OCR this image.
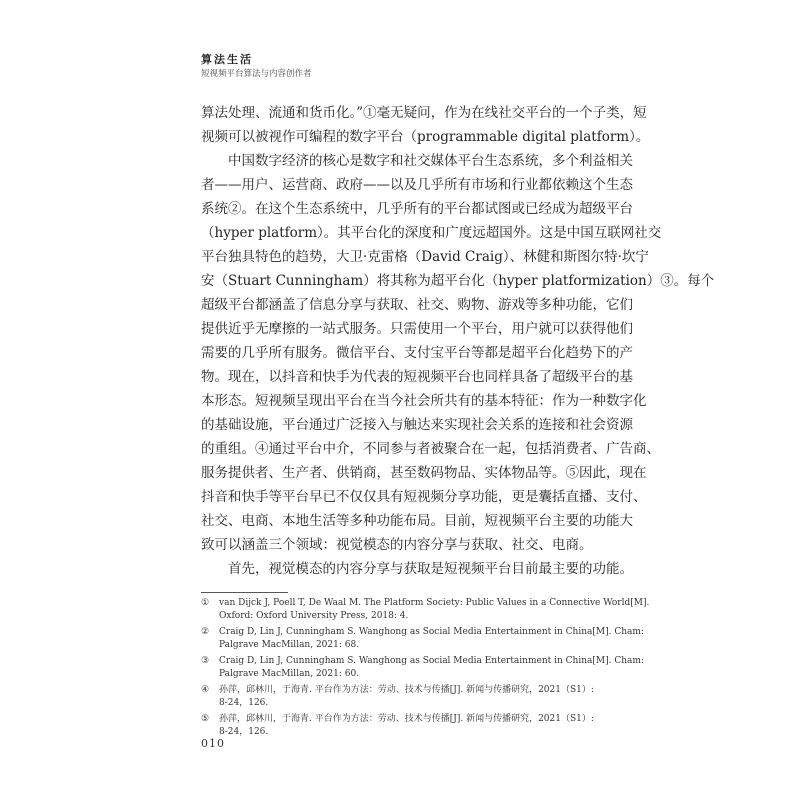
算法生活
短视频平台算法与内容创作者
算法处理、流通和货币化。”①毫无疑问，作为在线社交平台的一个子类，短
视频可以被视作可编程的数字平台（programmable digital platform）。
中国数字经济的核心是数字和社交媒体平台生态系统，多个利益相关
者——用户、运营商、政府——以及几乎所有市场和行业都依赖这个生态
系统②。在这个生态系统中，几乎所有的平台都试图或已经成为超级平台
（hyper platform）。其平台化的深度和广度远超国外。这是中国互联网社交
平台独具特色的趋势，大卫·克雷格（David Craig）、林健和斯图尔特·坎宁
安（Stuart Cunningham）将其称为超平台化（hyper platformization）③。每个
超级平台都涵盖了信息分享与获取、社交、购物、游戏等多种功能，它们
提供近乎无摩擦的一站式服务。只需使用一个平台，用户就可以获得他们
需要的几乎所有服务。微信平台、支付宝平台等都是超平台化趋势下的产
物。现在，以抖音和快手为代表的短视频平台也同样具备了超级平台的基
本形态。短视频呈现出平台在当今社会所共有的基本特征：作为一种数字化
的基础设施，平台通过广泛接入与触达来实现社会关系的连接和社会资源
的重组。④通过平台中介，不同参与者被聚合在一起，包括消费者、广告商、
服务提供者、生产者、供销商，甚至数码物品、实体物品等。⑤因此，现在
抖音和快手等平台早已不仅仅具有短视频分享功能，更是囊括直播、支付、
社交、电商、本地生活等多种功能布局。目前，短视频平台主要的功能大
致可以涵盖三个领域：视觉模态的内容分享与获取、社交、电商。
首先，视觉模态的内容分享与获取是短视频平台目前最主要的功能。
① van Dijck J, Poell T, De Waal M. The Platform Society: Public Values in a Connective World[M].
Oxford: Oxford University Press, 2018: 4.
② Craig D, Lin J, Cunningham S. Wanghong as Social Media Entertainment in China[M]. Cham:
Palgrave MacMillan, 2021: 68.
③ Craig D, Lin J, Cunningham S. Wanghong as Social Media Entertainment in China[M]. Cham:
Palgrave MacMillan, 2021: 60.
④ 孙萍，邱林川，于海青. 平台作为方法：劳动、技术与传播[J]. 新闻与传播研究，2021（S1）:
8-24，126.
⑤ 孙萍，邱林川，于海青. 平台作为方法：劳动、技术与传播[J]. 新闻与传播研究，2021（S1）:
8-24，126.
010
